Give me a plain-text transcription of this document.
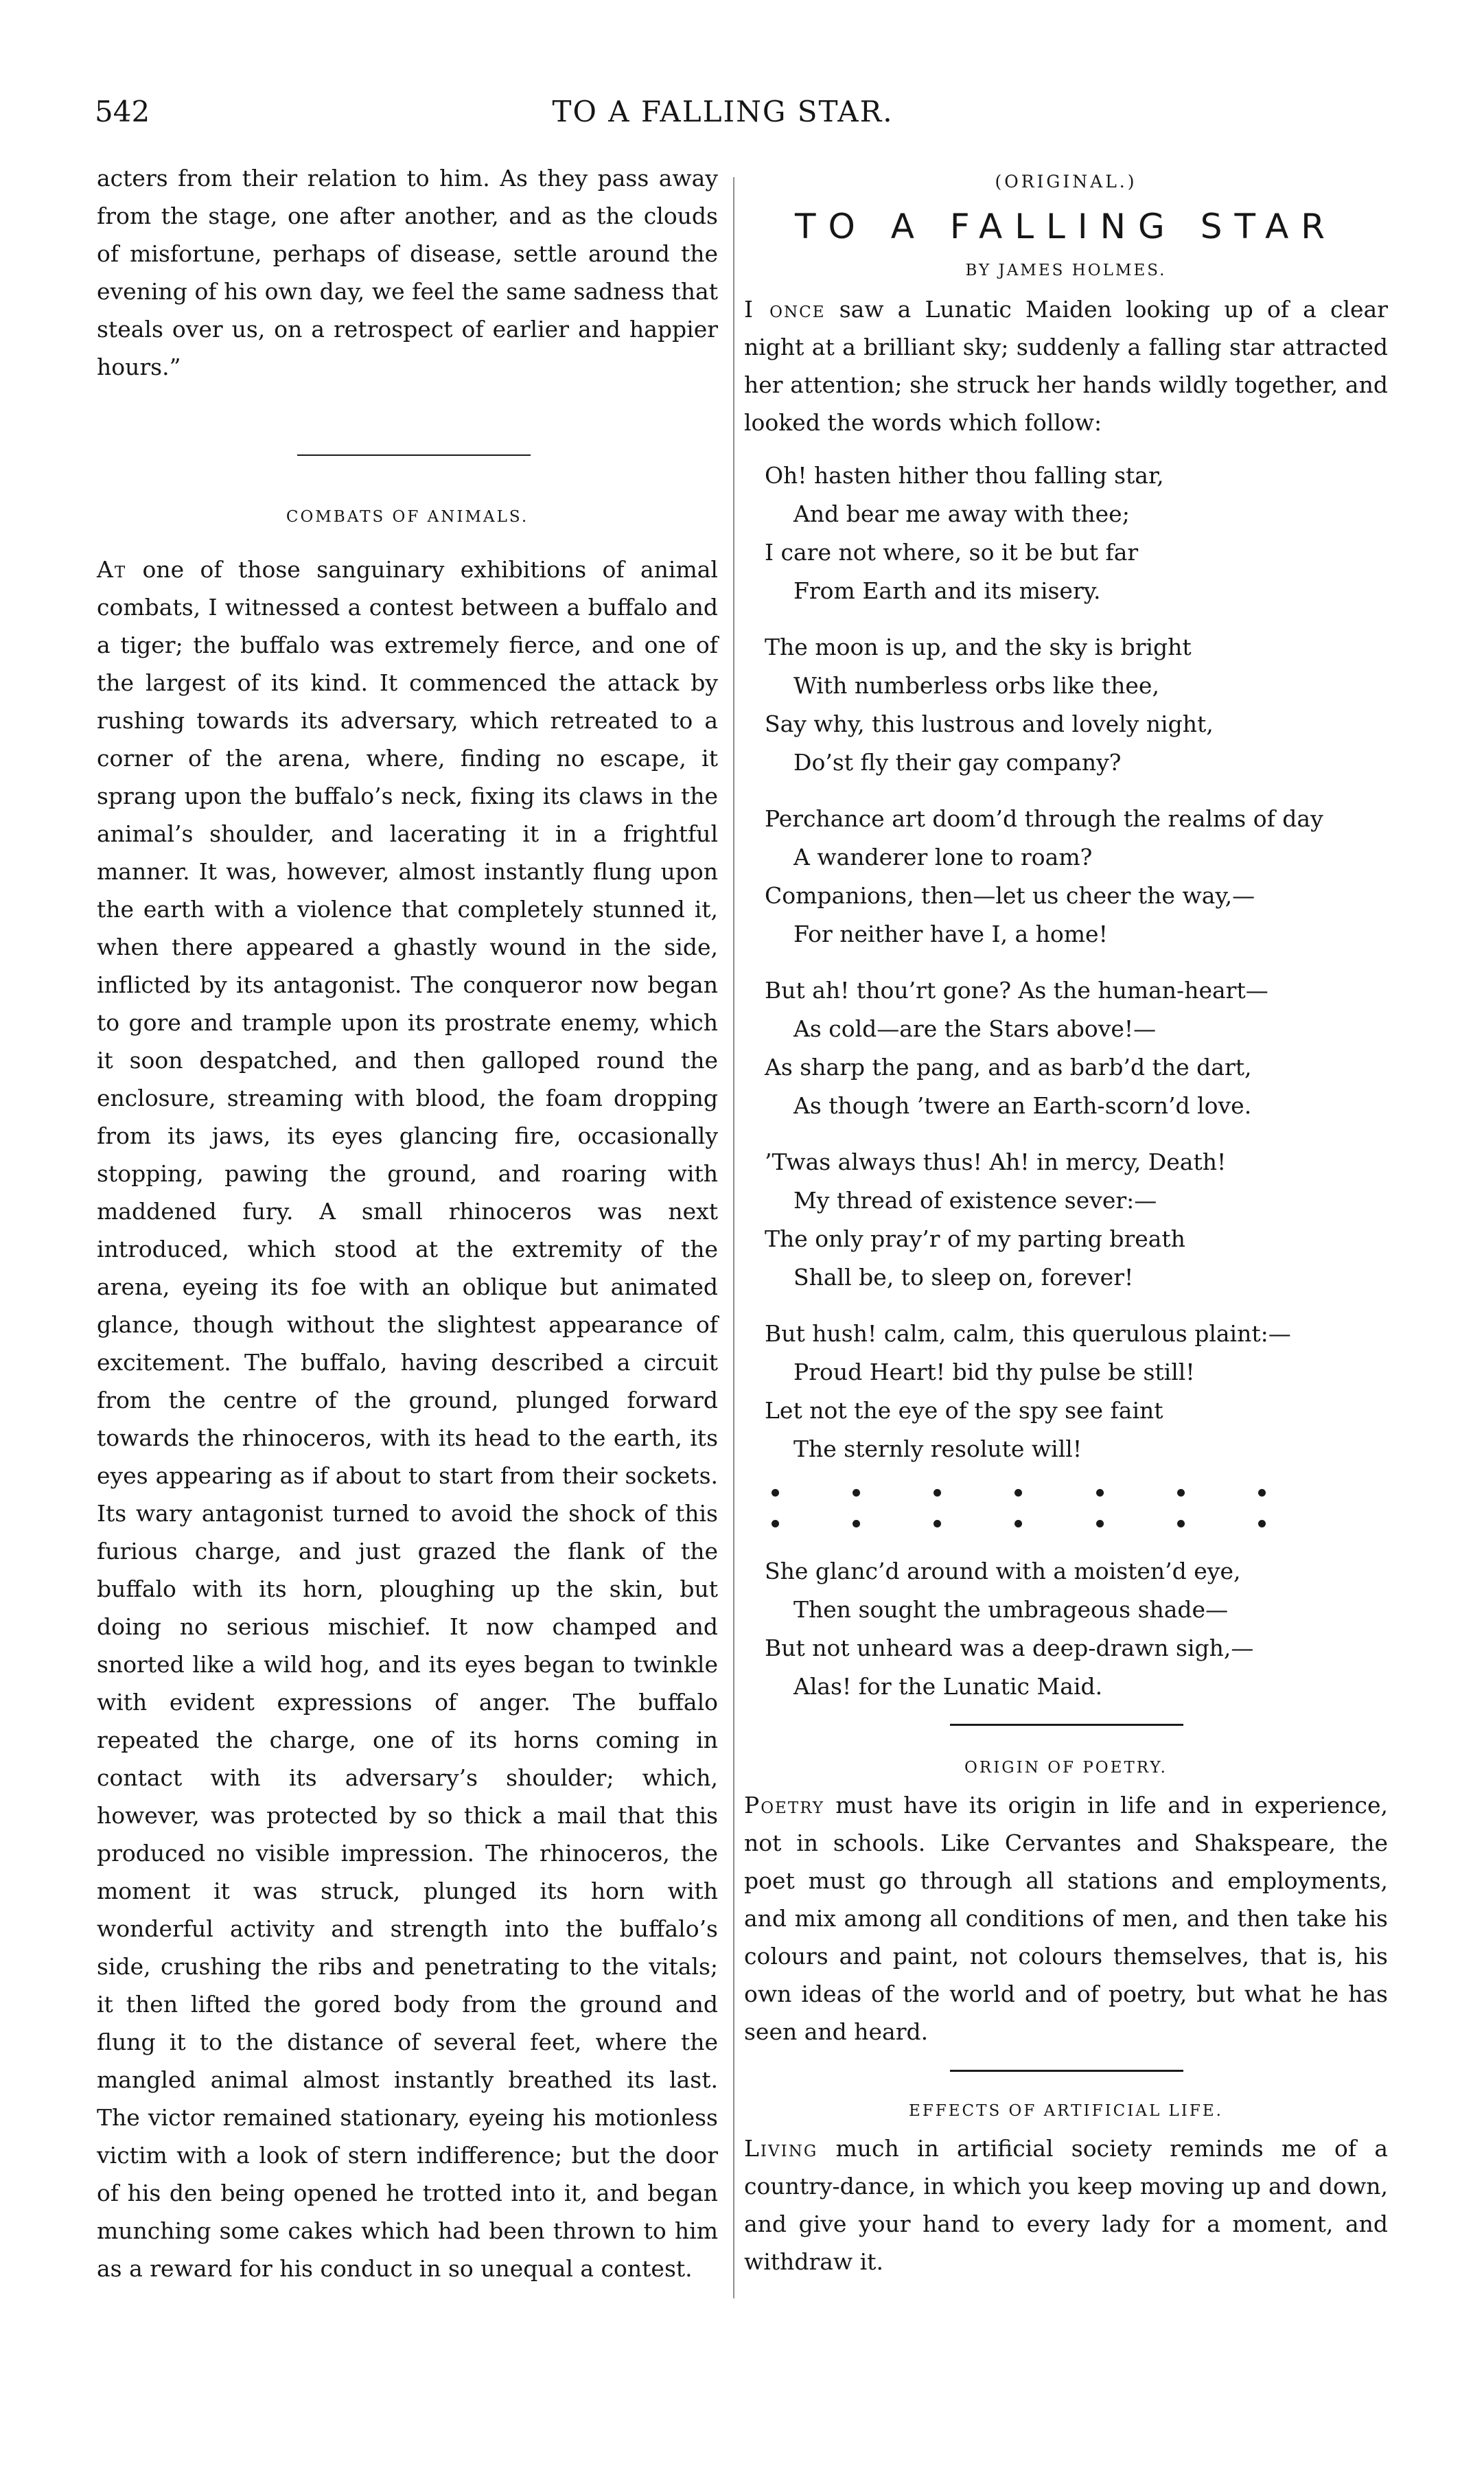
542	TO A FALLING STAR.

acters from their relation to him. As they pass away from the stage, one after another, and as the clouds of misfortune, perhaps of disease, settle around the evening of his own day, we feel the same sadness that steals over us, on a retrospect of earlier and happier hours.”

COMBATS OF ANIMALS.

At one of those sanguinary exhibitions of animal combats, I witnessed a contest between a buffalo and a tiger; the buffalo was extremely fierce, and one of the largest of its kind. It commenced the attack by rushing towards its adversary, which retreated to a corner of the arena, where, finding no escape, it sprang upon the buffalo’s neck, fixing its claws in the animal’s shoulder, and lacerating it in a frightful manner. It was, however, almost instantly flung upon the earth with a violence that completely stunned it, when there appeared a ghastly wound in the side, inflicted by its antagonist. The conqueror now began to gore and trample upon its prostrate enemy, which it soon despatched, and then galloped round the enclosure, streaming with blood, the foam dropping from its jaws, its eyes glancing fire, occasionally stopping, pawing the ground, and roaring with maddened fury. A small rhinoceros was next introduced, which stood at the extremity of the arena, eyeing its foe with an oblique but animated glance, though without the slightest appearance of excitement. The buffalo, having described a circuit from the centre of the ground, plunged forward towards the rhinoceros, with its head to the earth, its eyes appearing as if about to start from their sockets. Its wary antagonist turned to avoid the shock of this furious charge, and just grazed the flank of the buffalo with its horn, ploughing up the skin, but doing no serious mischief. It now champed and snorted like a wild hog, and its eyes began to twinkle with evident expressions of anger. The buffalo repeated the charge, one of its horns coming in contact with its adversary’s shoulder; which, however, was protected by so thick a mail that this produced no visible impression. The rhinoceros, the moment it was struck, plunged its horn with wonderful activity and strength into the buffalo’s side, crushing the ribs and penetrating to the vitals; it then lifted the gored body from the ground and flung it to the distance of several feet, where the mangled animal almost instantly breathed its last. The victor remained stationary, eyeing his motionless victim with a look of stern indifference; but the door of his den being opened he trotted into it, and began munching some cakes which had been thrown to him as a reward for his conduct in so unequal a contest.

(ORIGINAL.)

TO A FALLING STAR

BY JAMES HOLMES.

I once saw a Lunatic Maiden looking up of a clear night at a brilliant sky; suddenly a falling star attracted her attention; she struck her hands wildly together, and looked the words which follow:

Oh! hasten hither thou falling star,
And bear me away with thee;
I care not where, so it be but far
From Earth and its misery.
The moon is up, and the sky is bright
With numberless orbs like thee,
Say why, this lustrous and lovely night,
Do’st fly their gay company?
Perchance art doom’d through the realms of day
A wanderer lone to roam?
Companions, then—let us cheer the way,—
For neither have I, a home!
But ah! thou’rt gone? As the human-heart—
As cold—are the Stars above!—
As sharp the pang, and as barb’d the dart,
As though ’twere an Earth-scorn’d love.
’Twas always thus! Ah! in mercy, Death!
My thread of existence sever:—
The only pray’r of my parting breath
Shall be, to sleep on, forever!
But hush! calm, calm, this querulous plaint:—
Proud Heart! bid thy pulse be still!
Let not the eye of the spy see faint
The sternly resolute will!
She glanc’d around with a moisten’d eye,
Then sought the umbrageous shade—
But not unheard was a deep-drawn sigh,—
Alas! for the Lunatic Maid.

ORIGIN OF POETRY.

Poetry must have its origin in life and in experience, not in schools. Like Cervantes and Shakspeare, the poet must go through all stations and employments, and mix among all conditions of men, and then take his colours and paint, not colours themselves, that is, his own ideas of the world and of poetry, but what he has seen and heard.

EFFECTS OF ARTIFICIAL LIFE.

Living much in artificial society reminds me of a country-dance, in which you keep moving up and down, and give your hand to every lady for a moment, and withdraw it.
